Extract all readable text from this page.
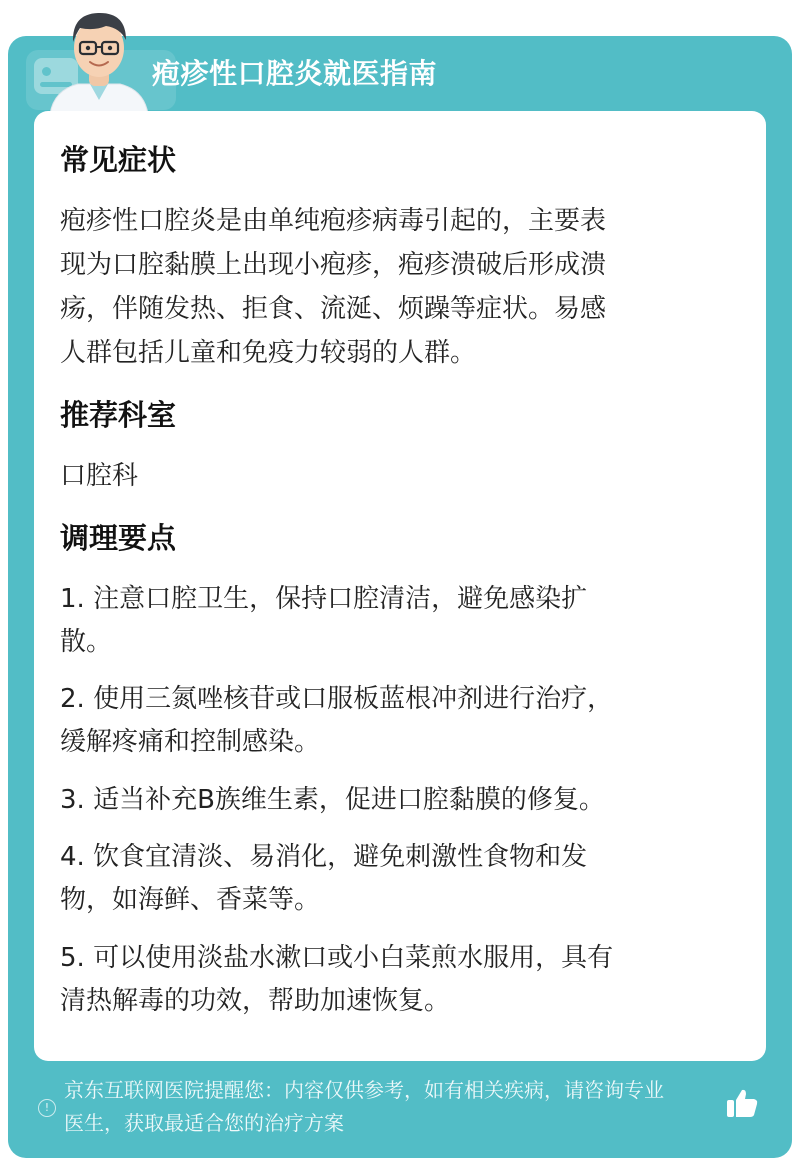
疱疹性口腔炎就医指南
常见症状
疱疹性口腔炎是由单纯疱疹病毒引起的，主要表
现为口腔黏膜上出现小疱疹，疱疹溃破后形成溃
疡，伴随发热、拒食、流涎、烦躁等症状。易感
人群包括儿童和免疫力较弱的人群。
推荐科室
口腔科
调理要点
1. 注意口腔卫生，保持口腔清洁，避免感染扩
散。
2. 使用三氮唑核苷或口服板蓝根冲剂进行治疗，
缓解疼痛和控制感染。
3. 适当补充B族维生素，促进口腔黏膜的修复。
4. 饮食宜清淡、易消化，避免刺激性食物和发
物，如海鲜、香菜等。
5. 可以使用淡盐水漱口或小白菜煎水服用，具有
清热解毒的功效，帮助加速恢复。
!
京东互联网医院提醒您：内容仅供参考，如有相关疾病，请咨询专业
医生，获取最适合您的治疗方案
